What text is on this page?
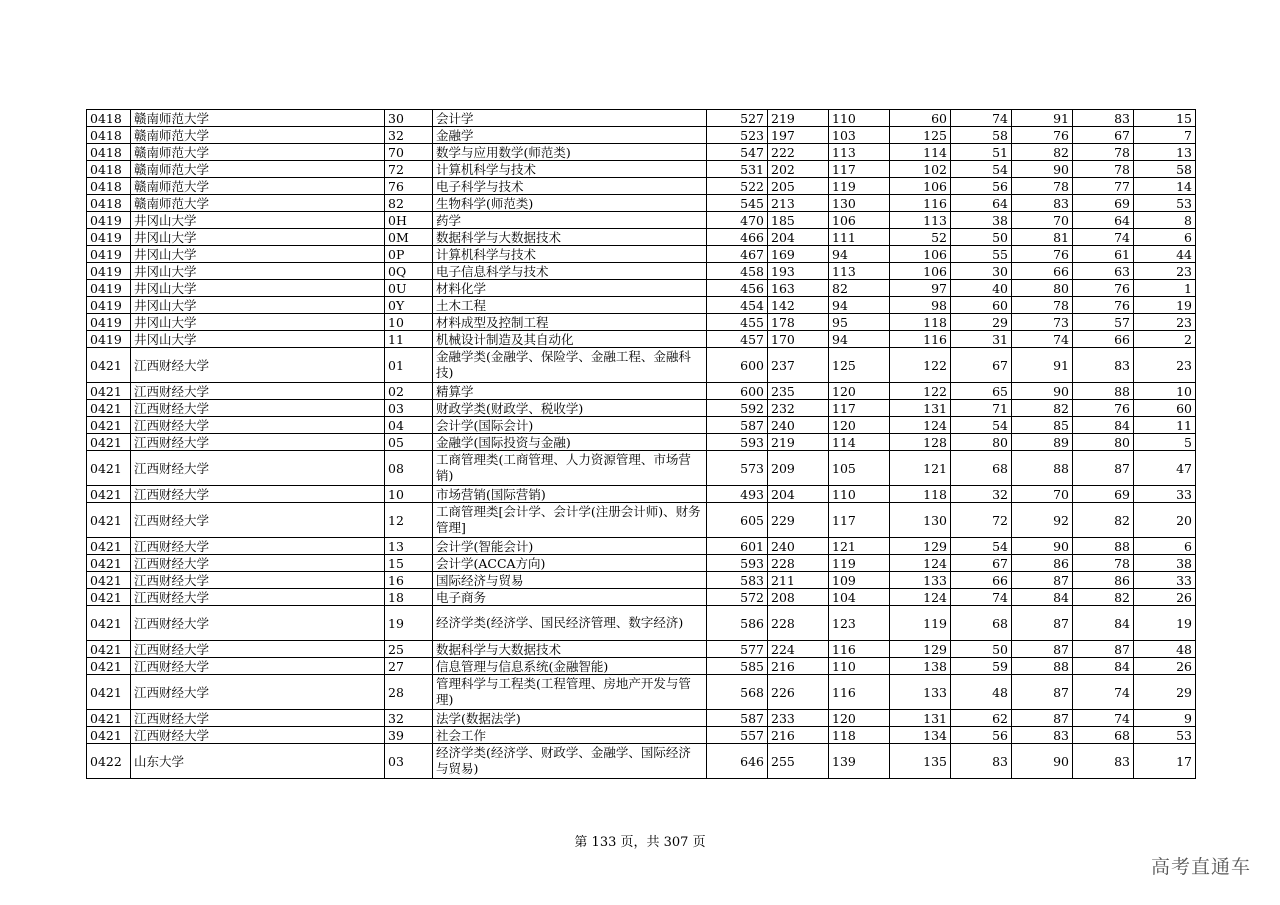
0418	赣南师范大学	30	会计学	527	219	110	60	74	91	83	15
0418	赣南师范大学	32	金融学	523	197	103	125	58	76	67	7
0418	赣南师范大学	70	数学与应用数学(师范类)	547	222	113	114	51	82	78	13
0418	赣南师范大学	72	计算机科学与技术	531	202	117	102	54	90	78	58
0418	赣南师范大学	76	电子科学与技术	522	205	119	106	56	78	77	14
0418	赣南师范大学	82	生物科学(师范类)	545	213	130	116	64	83	69	53
0419	井冈山大学	0H	药学	470	185	106	113	38	70	64	8
0419	井冈山大学	0M	数据科学与大数据技术	466	204	111	52	50	81	74	6
0419	井冈山大学	0P	计算机科学与技术	467	169	94	106	55	76	61	44
0419	井冈山大学	0Q	电子信息科学与技术	458	193	113	106	30	66	63	23
0419	井冈山大学	0U	材料化学	456	163	82	97	40	80	76	1
0419	井冈山大学	0Y	土木工程	454	142	94	98	60	78	76	19
0419	井冈山大学	10	材料成型及控制工程	455	178	95	118	29	73	57	23
0419	井冈山大学	11	机械设计制造及其自动化	457	170	94	116	31	74	66	2
0421	江西财经大学	01	金融学类(金融学、保险学、金融工程、金融科技)	600	237	125	122	67	91	83	23
0421	江西财经大学	02	精算学	600	235	120	122	65	90	88	10
0421	江西财经大学	03	财政学类(财政学、税收学)	592	232	117	131	71	82	76	60
0421	江西财经大学	04	会计学(国际会计)	587	240	120	124	54	85	84	11
0421	江西财经大学	05	金融学(国际投资与金融)	593	219	114	128	80	89	80	5
0421	江西财经大学	08	工商管理类(工商管理、人力资源管理、市场营销)	573	209	105	121	68	88	87	47
0421	江西财经大学	10	市场营销(国际营销)	493	204	110	118	32	70	69	33
0421	江西财经大学	12	工商管理类[会计学、会计学(注册会计师)、财务管理]	605	229	117	130	72	92	82	20
0421	江西财经大学	13	会计学(智能会计)	601	240	121	129	54	90	88	6
0421	江西财经大学	15	会计学(ACCA方向)	593	228	119	124	67	86	78	38
0421	江西财经大学	16	国际经济与贸易	583	211	109	133	66	87	86	33
0421	江西财经大学	18	电子商务	572	208	104	124	74	84	82	26
0421	江西财经大学	19	经济学类(经济学、国民经济管理、数字经济)	586	228	123	119	68	87	84	19
0421	江西财经大学	25	数据科学与大数据技术	577	224	116	129	50	87	87	48
0421	江西财经大学	27	信息管理与信息系统(金融智能)	585	216	110	138	59	88	84	26
0421	江西财经大学	28	管理科学与工程类(工程管理、房地产开发与管理)	568	226	116	133	48	87	74	29
0421	江西财经大学	32	法学(数据法学)	587	233	120	131	62	87	74	9
0421	江西财经大学	39	社会工作	557	216	118	134	56	83	68	53
0422	山东大学	03	经济学类(经济学、财政学、金融学、国际经济与贸易)	646	255	139	135	83	90	83	17
第 133 页，共 307 页
高考直通车
